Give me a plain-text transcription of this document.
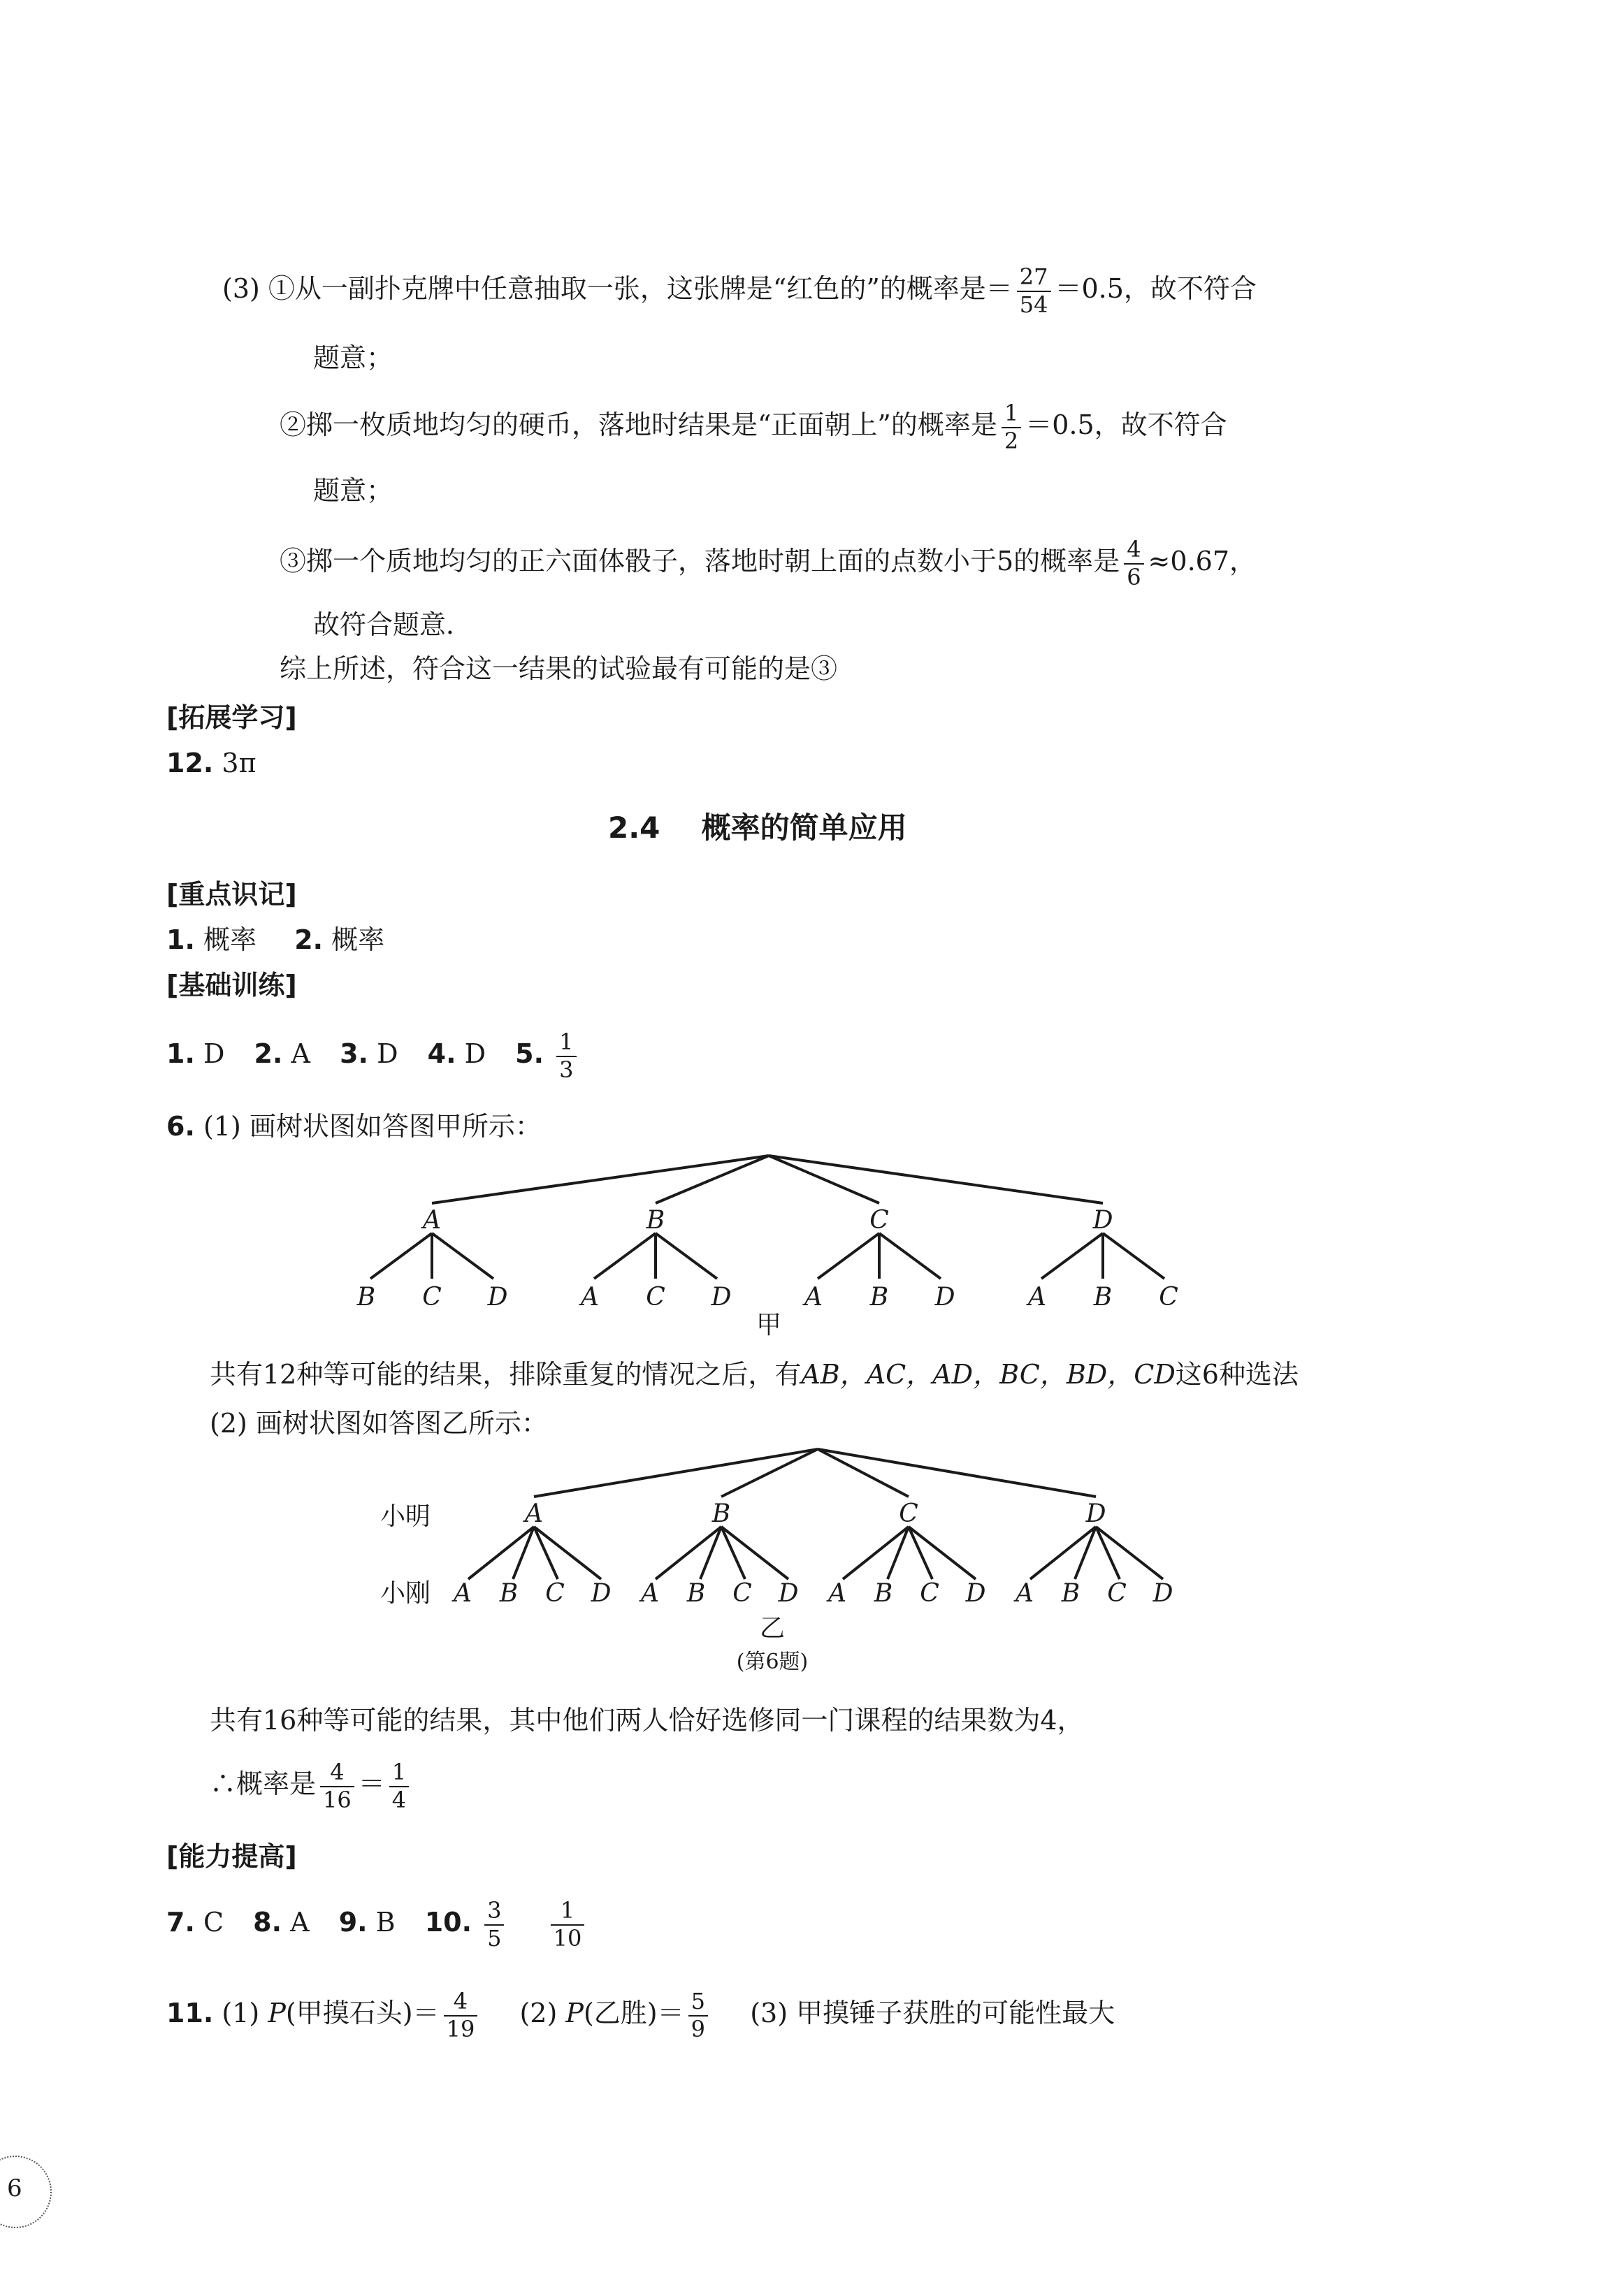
(3) ①从一副扑克牌中任意抽取一张，这张牌是“红色的”的概率是＝ $\frac{27}{54} =0.5$，故不符合
题意；
②掷一枚质地均匀的硬币，落地时结果是“正面朝上”的概率是 $\frac{1}{2} =0.5$，故不符合
题意；
③掷一个质地均匀的正六面体骰子，落地时朝上面的点数小于5的概率是 $\frac{4}{6} \approx 0.67$，
故符合题意．
综上所述，符合这一结果的试验最有可能的是③
[拓展学习]
12. 3π
2.4 概率的简单应用
[重点识记]
1. 概率 2. 概率
[基础训练]
1. D 2. A 3. D 4. D 5. $\frac{1}{3}$
6. (1) 画树状图如答图甲所示：
A	B	C	D
B C D	A C D	A B D	A B C
甲
共有12种等可能的结果，排除重复的情况之后，有AB，AC，AD，BC，BD，CD这6种选法
(2) 画树状图如答图乙所示：
小明
小刚
A	B	C	D
A B C D A B C D A B C D A B C D
乙
(第6题)
共有16种等可能的结果，其中他们两人恰好选修同一门课程的结果数为4，
∴概率是 $\frac{4}{16} = \frac{1}{4}$
[能力提高]
7. C 8. A 9. B 10. $\frac{3}{5}$
$\frac{1}{10}$
11. (1) P(甲摸石头)＝ $\frac{4}{19} (2)$ P(乙胜)＝ $\frac{5}{9} (3)$ 甲摸锤子获胜的可能性最大
6
